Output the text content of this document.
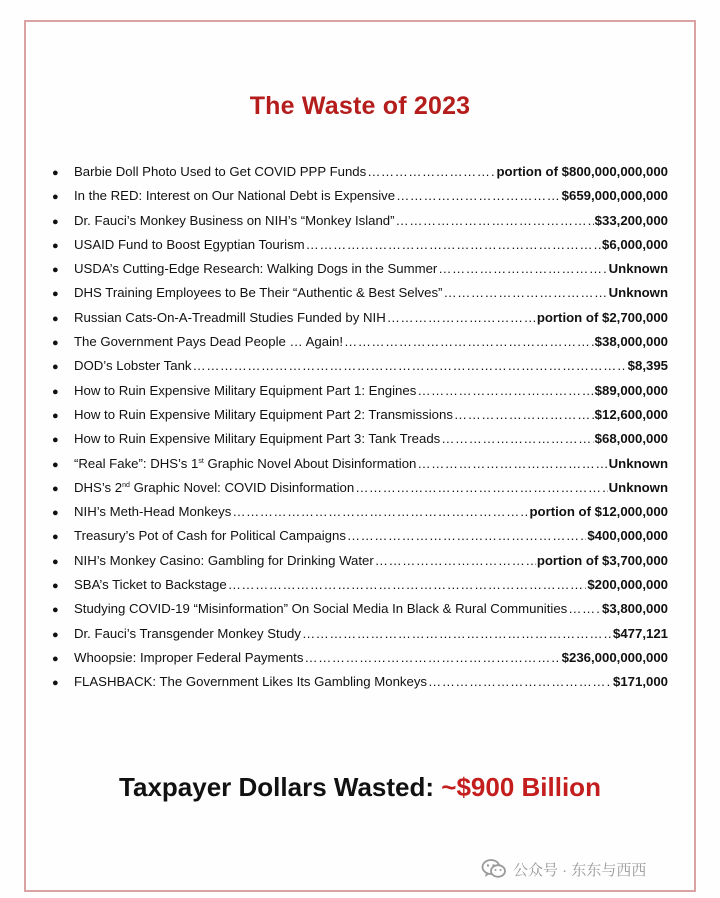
The Waste of 2023
●	Barbie Doll Photo Used to Get COVID PPP Funds ……………………………………………………………………………………………………………………………………………………………………………………………………	portion of $800,000,000,000
●	In the RED: Interest on Our National Debt is Expensive ……………………………………………………………………………………………………………………………………………………………………………………………………	$659,000,000,000
●	Dr. Fauci’s Monkey Business on NIH’s “Monkey Island” ……………………………………………………………………………………………………………………………………………………………………………………………………	$33,200,000
●	USAID Fund to Boost Egyptian Tourism ……………………………………………………………………………………………………………………………………………………………………………………………………	$6,000,000
●	USDA’s Cutting-Edge Research: Walking Dogs in the Summer ……………………………………………………………………………………………………………………………………………………………………………………………………	Unknown
●	DHS Training Employees to Be Their “Authentic & Best Selves” ……………………………………………………………………………………………………………………………………………………………………………………………………	Unknown
●	Russian Cats-On-A-Treadmill Studies Funded by NIH ……………………………………………………………………………………………………………………………………………………………………………………………………	portion of $2,700,000
●	The Government Pays Dead People … Again! ……………………………………………………………………………………………………………………………………………………………………………………………………	$38,000,000
●	DOD’s Lobster Tank ……………………………………………………………………………………………………………………………………………………………………………………………………	$8,395
●	How to Ruin Expensive Military Equipment Part 1: Engines ……………………………………………………………………………………………………………………………………………………………………………………………………	$89,000,000
●	How to Ruin Expensive Military Equipment Part 2: Transmissions ……………………………………………………………………………………………………………………………………………………………………………………………………	$12,600,000
●	How to Ruin Expensive Military Equipment Part 3: Tank Treads ……………………………………………………………………………………………………………………………………………………………………………………………………	$68,000,000
●	“Real Fake”: DHS’s 1st Graphic Novel About Disinformation ……………………………………………………………………………………………………………………………………………………………………………………………………	Unknown
●	DHS’s 2nd Graphic Novel: COVID Disinformation ……………………………………………………………………………………………………………………………………………………………………………………………………	Unknown
●	NIH’s Meth-Head Monkeys ……………………………………………………………………………………………………………………………………………………………………………………………………	portion of $12,000,000
●	Treasury’s Pot of Cash for Political Campaigns ……………………………………………………………………………………………………………………………………………………………………………………………………	$400,000,000
●	NIH’s Monkey Casino: Gambling for Drinking Water ……………………………………………………………………………………………………………………………………………………………………………………………………	portion of $3,700,000
●	SBA’s Ticket to Backstage ……………………………………………………………………………………………………………………………………………………………………………………………………	$200,000,000
●	Studying COVID-19 “Misinformation” On Social Media In Black & Rural Communities ……………………………………………………………………………………………………………………………………………………………………………………………………	$3,800,000
●	Dr. Fauci’s Transgender Monkey Study ……………………………………………………………………………………………………………………………………………………………………………………………………	$477,121
●	Whoopsie: Improper Federal Payments ……………………………………………………………………………………………………………………………………………………………………………………………………	$236,000,000,000
●	FLASHBACK: The Government Likes Its Gambling Monkeys ……………………………………………………………………………………………………………………………………………………………………………………………………	$171,000
Taxpayer Dollars Wasted: ~$900 Billion
公众号 · 东东与西西
